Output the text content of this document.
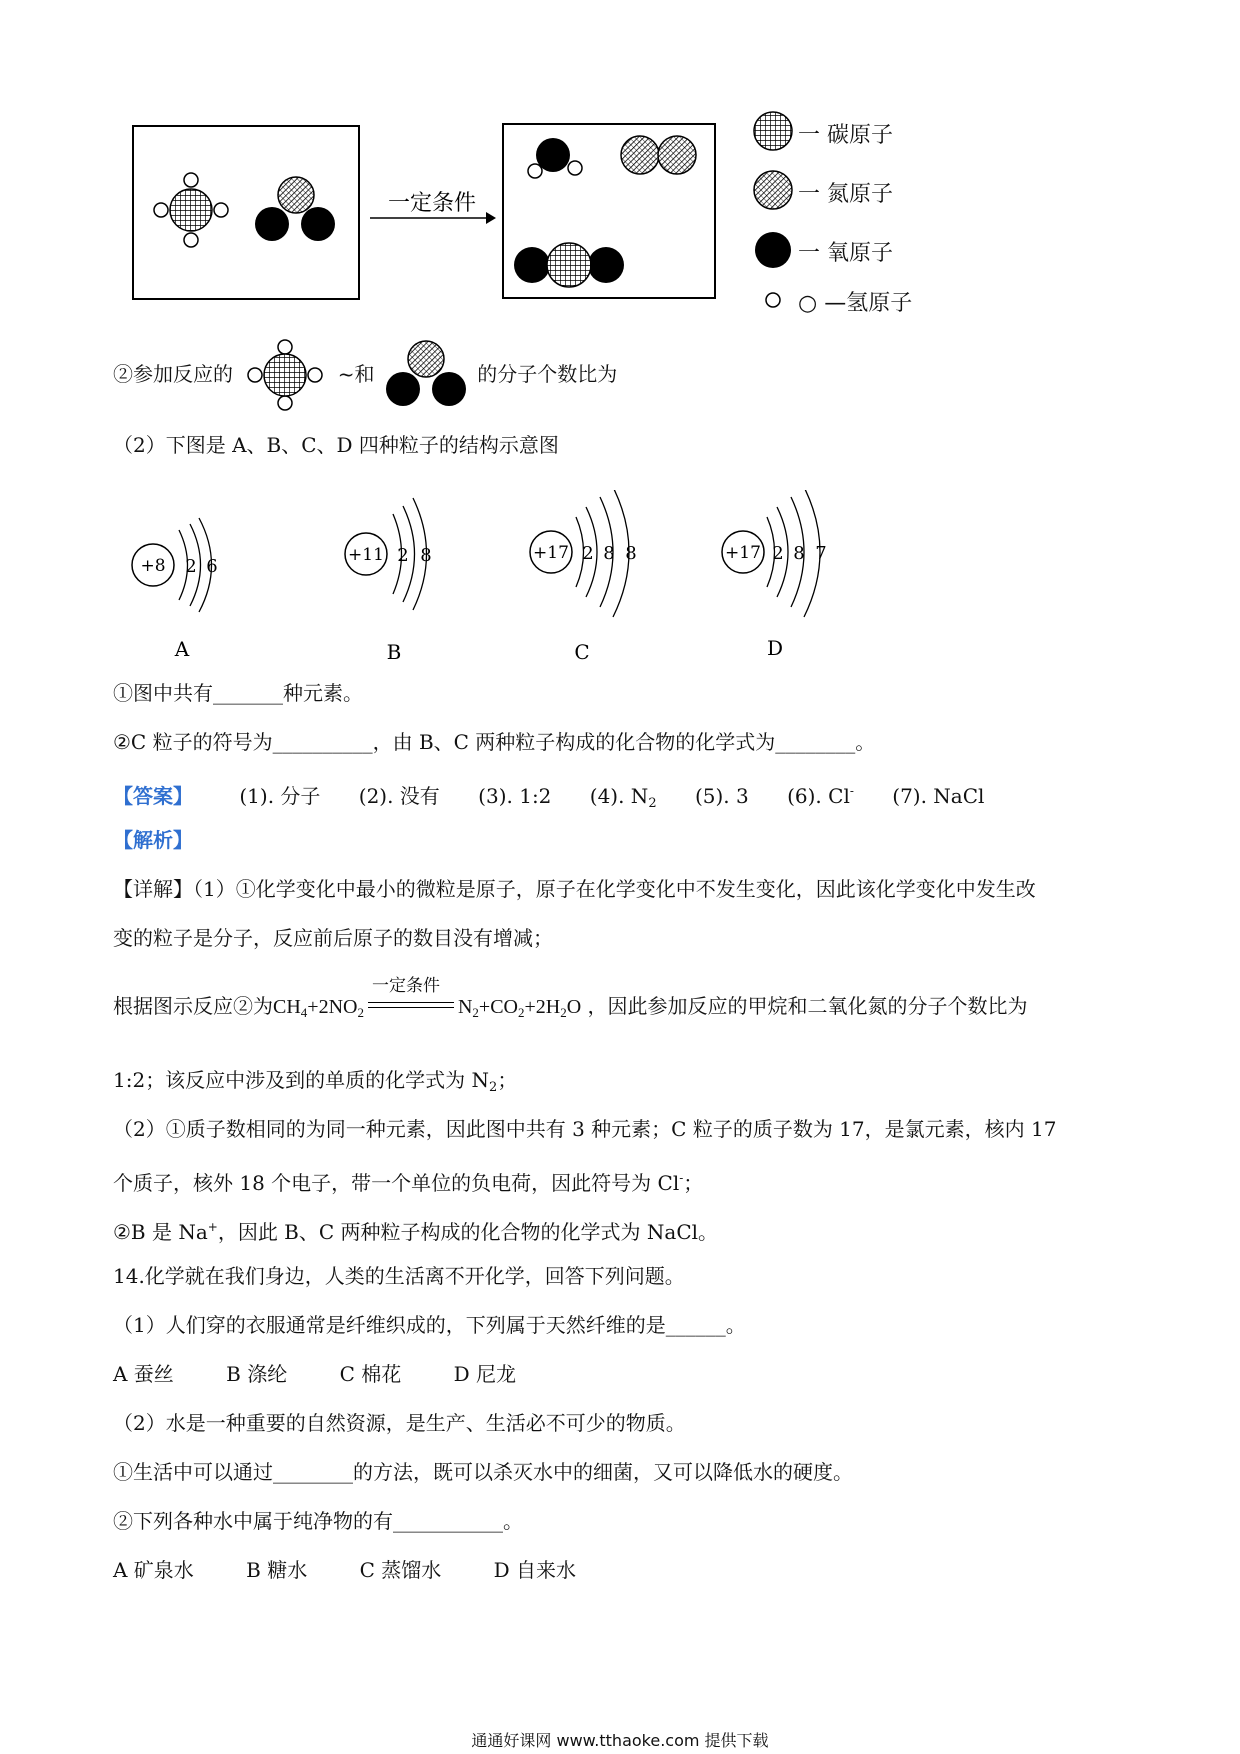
一定条件
一 碳原子
一 氮原子
一 氧原子
○ —氢原子
②参加反应的	~和	的分子个数比为
（2）下图是 A、B、C、D 四种粒子的结构示意图
+8 2 6
A
+11 2 8
B
+17 2 8 8
C
+17 2 8 7
D
①图中共有_______种元素。
②C 粒子的符号为__________，由 B、C 两种粒子构成的化合物的化学式为________。
【答案】 (1). 分子 (2). 没有 (3). 1:2 (4). $N_2$ (5). 3 (6). Cl- (7). NaCl
【解析】
【详解】（1）①化学变化中最小的微粒是原子，原子在化学变化中不发生变化，因此该化学变化中发生改
变的粒子是分子，反应前后原子的数目没有增减；
根据图示反应②为$CH_4+2NO_2$
一定条件
$N_2+CO_2+2H_2O$ ，因此参加反应的甲烷和二氧化氮的分子个数比为
1:2；该反应中涉及到的单质的化学式为 $N_2$；
（2）①质子数相同的为同一种元素，因此图中共有 3 种元素；C 粒子的质子数为 17，是氯元素，核内 17
个质子，核外 18 个电子，带一个单位的负电荷，因此符号为 Cl-；
②B 是 Na+，因此 B、C 两种粒子构成的化合物的化学式为 NaCl。
14.化学就在我们身边，人类的生活离不开化学，回答下列问题。
（1）人们穿的衣服通常是纤维织成的，下列属于天然纤维的是______。
A 蚕丝	B 涤纶	C 棉花	D 尼龙
（2）水是一种重要的自然资源，是生产、生活必不可少的物质。
①生活中可以通过________的方法，既可以杀灭水中的细菌，又可以降低水的硬度。
②下列各种水中属于纯净物的有___________。
A 矿泉水	B 糖水	C 蒸馏水	D 自来水
通通好课网 www.tthaoke.com 提供下载
